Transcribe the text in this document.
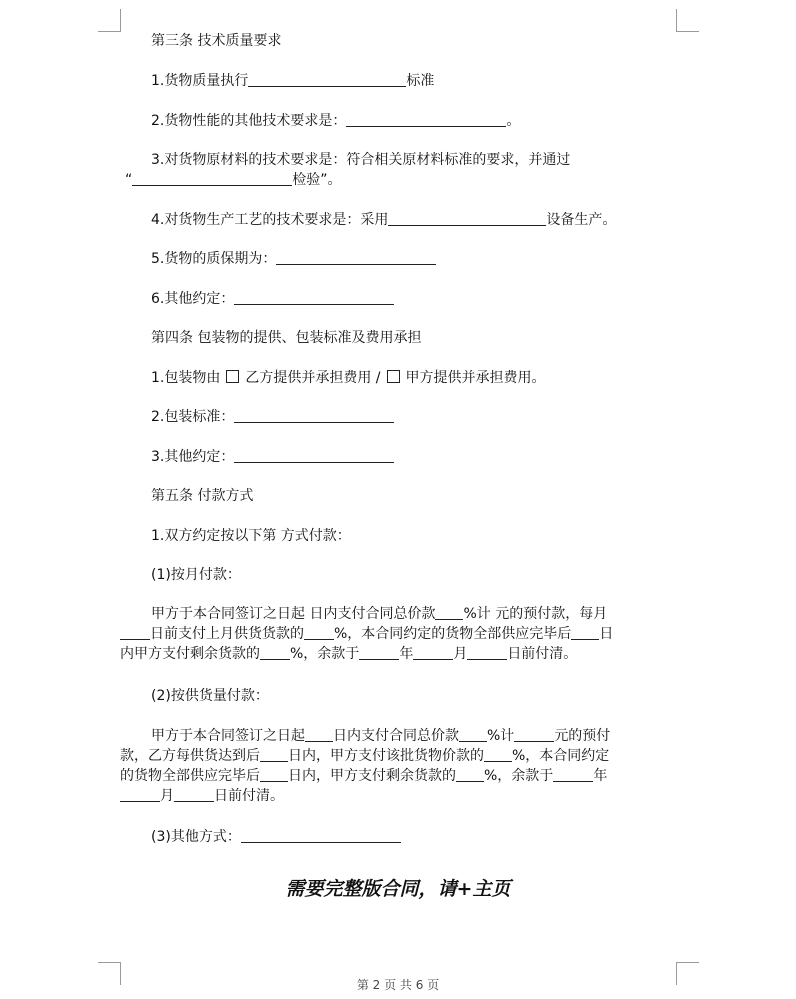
第三条 技术质量要求
1.货物质量执行	标准
2.货物性能的其他技术要求是：	。
3.对货物原材料的技术要求是：符合相关原材料标准的要求，并通过
“	检验”。
4.对货物生产工艺的技术要求是：采用	设备生产。
5.货物的质保期为：
6.其他约定：
第四条 包装物的提供、包装标准及费用承担
1.包装物由 乙方提供并承担费用 / 甲方提供并承担费用。
2.包装标准：
3.其他约定：
第五条 付款方式
1.双方约定按以下第 方式付款：
(1)按月付款：
甲方于本合同签订之日起 日内支付合同总价款 %计 元的预付款，每月
日前支付上月供货货款的 %，本合同约定的货物全部供应完毕后 日
内甲方支付剩余货款的 %，余款于	年	月	日前付清。
(2)按供货量付款：
甲方于本合同签订之日起 日内支付合同总价款 %计	元的预付
款，乙方每供货达到后 日内，甲方支付该批货物价款的 %，本合同约定
的货物全部供应完毕后 日内，甲方支付剩余货款的 %，余款于	年
月	日前付清。
(3)其他方式：
需要完整版合同，请+主页
第 2 页 共 6 页
